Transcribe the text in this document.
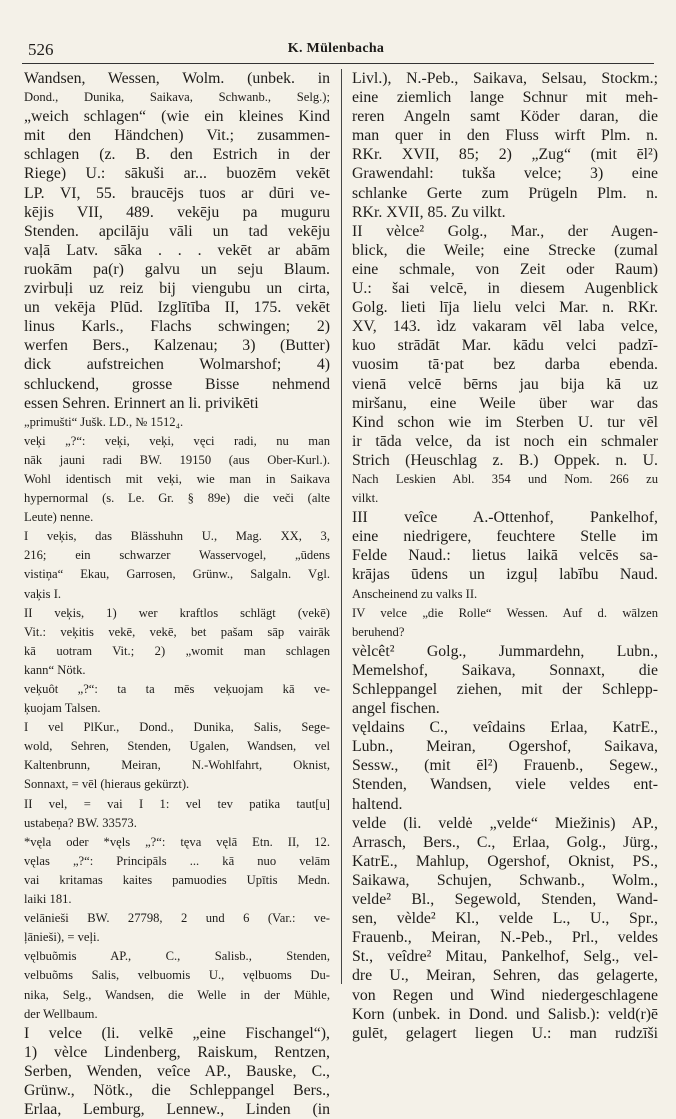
526	K. Mülenbacha
Wandsen, Wessen, Wolm. (unbek. in
Dond., Dunika, Saikava, Schwanb., Selg.);
„weich schlagen“ (wie ein kleines Kind
mit den Händchen) Vit.; zusammen-
schlagen (z. B. den Estrich in der
Riege) U.: sākuši ar... buozēm vekēt
LP. VI, 55. braucējs tuos ar dūri ve-
kējis VII, 489. vekēju pa muguru
Stenden. apcilāju vāli un tad vekēju
vaļā Latv. sāka . . . vekēt ar abām
ruokām pa(r) galvu un seju Blaum.
zvirbuļi uz reiz bij viengubu un cirta,
un vekēja Plūd. Izglītība II, 175. vekēt
linus Karls., Flachs schwingen; 2)
werfen Bers., Kalzenau; 3) (Butter)
dick aufstreichen Wolmarshof; 4)
schluckend, grosse Bisse nehmend
essen Sehren. Erinnert an li. privikēti
„primušti“ Jušk. LD., № 1512₄.
veķi „?“: veķi, veķi, vęci radi, nu man
nāk jauni radi BW. 19150 (aus Ober-Kurl.).
Wohl identisch mit veķi, wie man in Saikava
hypernormal (s. Le. Gr. § 89e) die veči (alte
Leute) nenne.
I veķis, das Blässhuhn U., Mag. XX, 3,
216; ein schwarzer Wasservogel, „ūdens
vistiņa“ Ekau, Garrosen, Grünw., Salgaln. Vgl.
vaķis I.
II veķis, 1) wer kraftlos schlägt (vekē)
Vit.: veķitis vekē, vekē, bet pašam sāp vairāk
kā uotram Vit.; 2) „womit man schlagen
kann“ Nötk.
veķuôt „?“: ta ta mēs veķuojam kā ve-
ķuojam Talsen.
I vel PlKur., Dond., Dunika, Salis, Sege-
wold, Sehren, Stenden, Ugalen, Wandsen, vel
Kaltenbrunn, Meiran, N.-Wohlfahrt, Oknist,
Sonnaxt, = vēl (hieraus gekürzt).
II vel, = vai I 1: vel tev patika taut[u]
ustabeņa? BW. 33573.
*vęla oder *vęls „?“: tęva vęlā Etn. II, 12.
vęlas „?“: Principāls ... kā nuo velām
vai kritamas kaites pamuodies Upītis Medn.
laiki 181.
velānieši BW. 27798, 2 und 6 (Var.: ve-
ļānieši), = veļi.
vęlbuõmis AP., C., Salisb., Stenden,
velbuõms Salis, velbuomis U., vęlbuoms Du-
nika, Selg., Wandsen, die Welle in der Mühle,
der Wellbaum.
I velce (li. velkē „eine Fischangel“),
1) vèlce Lindenberg, Raiskum, Rentzen,
Serben, Wenden, veîce AP., Bauske, C.,
Grünw., Nötk., die Schleppangel Bers.,
Erlaa, Lemburg, Lennew., Linden (in
Livl.), N.-Peb., Saikava, Selsau, Stockm.;
eine ziemlich lange Schnur mit meh-
reren Angeln samt Köder daran, die
man quer in den Fluss wirft Plm. n.
RKr. XVII, 85; 2) „Zug“ (mit ēl²)
Grawendahl: tukša velce; 3) eine
schlanke Gerte zum Prügeln Plm. n.
RKr. XVII, 85. Zu vilkt.
II vèlce² Golg., Mar., der Augen-
blick, die Weile; eine Strecke (zumal
eine schmale, von Zeit oder Raum)
U.: šai velcē, in diesem Augenblick
Golg. lieti līja lielu velci Mar. n. RKr.
XV, 143. ìdz vakaram vēl laba velce,
kuo strādāt Mar. kādu velci padzī-
vuosim tā·pat bez darba ebenda.
vienā velcē bērns jau bija kā uz
miršanu, eine Weile über war das
Kind schon wie im Sterben U. tur vēl
ir tāda velce, da ist noch ein schmaler
Strich (Heuschlag z. B.) Oppek. n. U.
Nach Leskien Abl. 354 und Nom. 266 zu
vilkt.
III veîce A.-Ottenhof, Pankelhof,
eine niedrigere, feuchtere Stelle im
Felde Naud.: lietus laikā velcēs sa-
krājas ūdens un izguļ labību Naud.
Anscheinend zu valks II.
IV velce „die Rolle“ Wessen. Auf d. wālzen
beruhend?
vèlcêt² Golg., Jummardehn, Lubn.,
Memelshof, Saikava, Sonnaxt, die
Schleppangel ziehen, mit der Schlepp-
angel fischen.
vęldains C., veîdains Erlaa, KatrE.,
Lubn., Meiran, Ogershof, Saikava,
Sessw., (mit ēl²) Frauenb., Segew.,
Stenden, Wandsen, viele veldes ent-
haltend.
velde (li. veldė „velde“ Miežinis) AP.,
Arrasch, Bers., C., Erlaa, Golg., Jürg.,
KatrE., Mahlup, Ogershof, Oknist, PS.,
Saikawa, Schujen, Schwanb., Wolm.,
velde² Bl., Segewold, Stenden, Wand-
sen, vèlde² Kl., velde L., U., Spr.,
Frauenb., Meiran, N.-Peb., Prl., veldes
St., veîdre² Mitau, Pankelhof, Selg., vel-
dre U., Meiran, Sehren, das gelagerte,
von Regen und Wind niedergeschlagene
Korn (unbek. in Dond. und Salisb.): veld(r)ē
gulēt, gelagert liegen U.: man rudzīši
